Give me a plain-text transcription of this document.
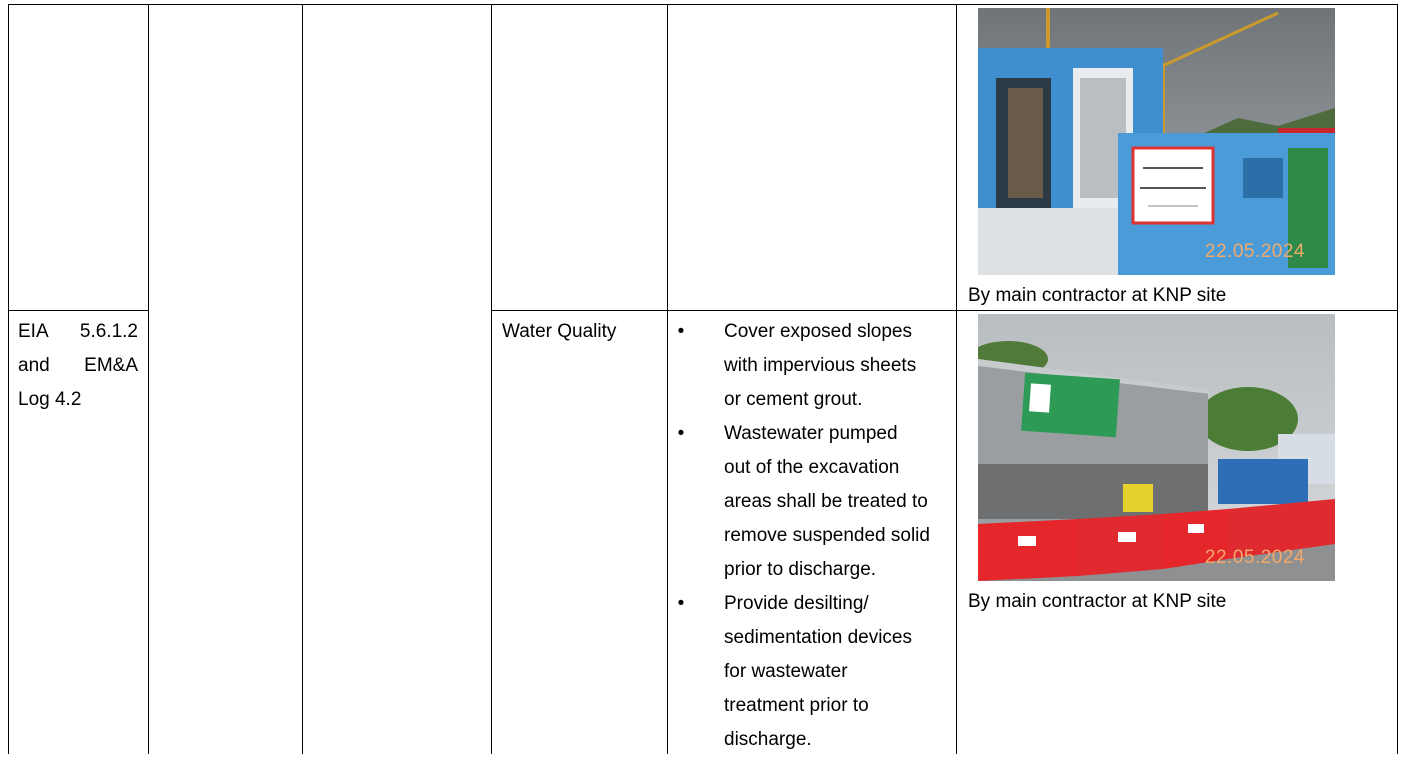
22.05.2024
By main contractor at KNP site
EIA 5.6.1.2
and EM&A
Log 4.2
Water Quality	• Cover exposed slopes
with impervious sheets
or cement grout.
• Wastewater pumped
out of the excavation
areas shall be treated to
remove suspended solid
prior to discharge.
• Provide desilting/
sedimentation devices
for wastewater
treatment prior to
discharge.
22.05.2024
By main contractor at KNP site
